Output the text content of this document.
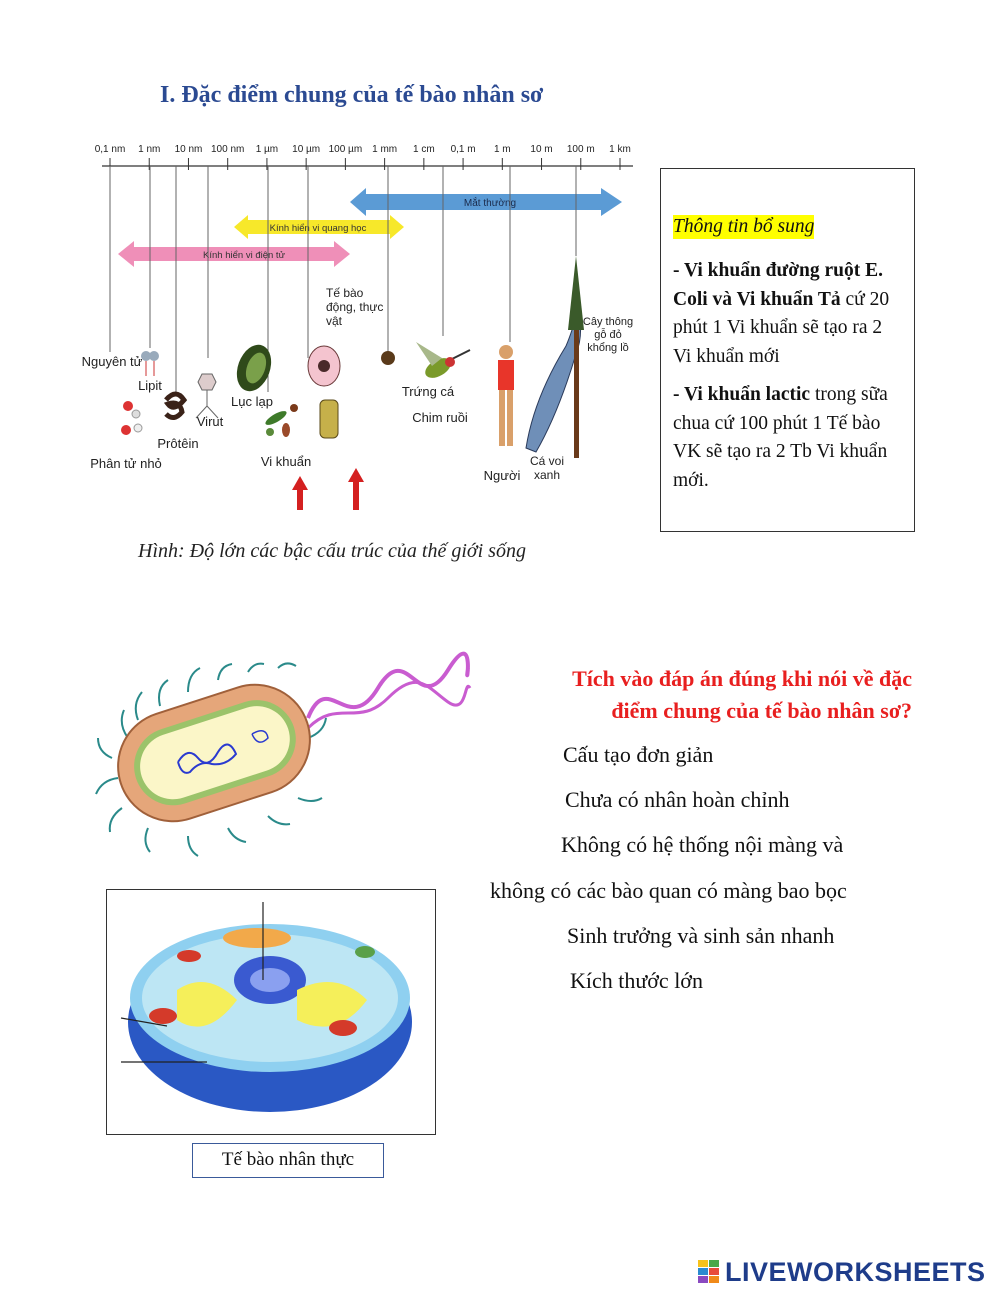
I. Đặc điểm chung của tế bào nhân sơ
0,1 nm 1 nm 10 nm 100 nm 1 µm 10 µm 100 µm 1 mm 1 cm 0,1 m 1 m 10 m 100 m 1 km
Mắt thường
Kính hiển vi quang học
Kính hiển vi điện tử
Nguyên tử
Lipit
Phân tử nhỏ
Prôtêin
Virut
Lục lạp
Vi khuẩn
Trứng cá
Chim ruồi
Người
Tế bào động, thực vật
Cá voi xanh
Cây thông gỗ đỏ khổng lồ
Hình: Độ lớn các bậc cấu trúc của thế giới sống
Thông tin bổ sung

- Vi khuẩn đường ruột E. Coli và Vi khuẩn Tả cứ 20 phút 1 Vi khuẩn sẽ tạo ra 2 Vi khuẩn mới

- Vi khuẩn lactic trong sữa chua cứ 100 phút 1 Tế bào VK sẽ tạo ra 2 Tb Vi khuẩn mới.

Tế bào nhân thực
Tích vào đáp án đúng khi nói về đặc
điểm chung của tế bào nhân sơ?
Cấu tạo đơn giản
Chưa có nhân hoàn chỉnh
Không có hệ thống nội màng và
không có các bào quan có màng bao bọc
Sinh trưởng và sinh sản nhanh
Kích thước lớn
LIVEWORKSHEETS
